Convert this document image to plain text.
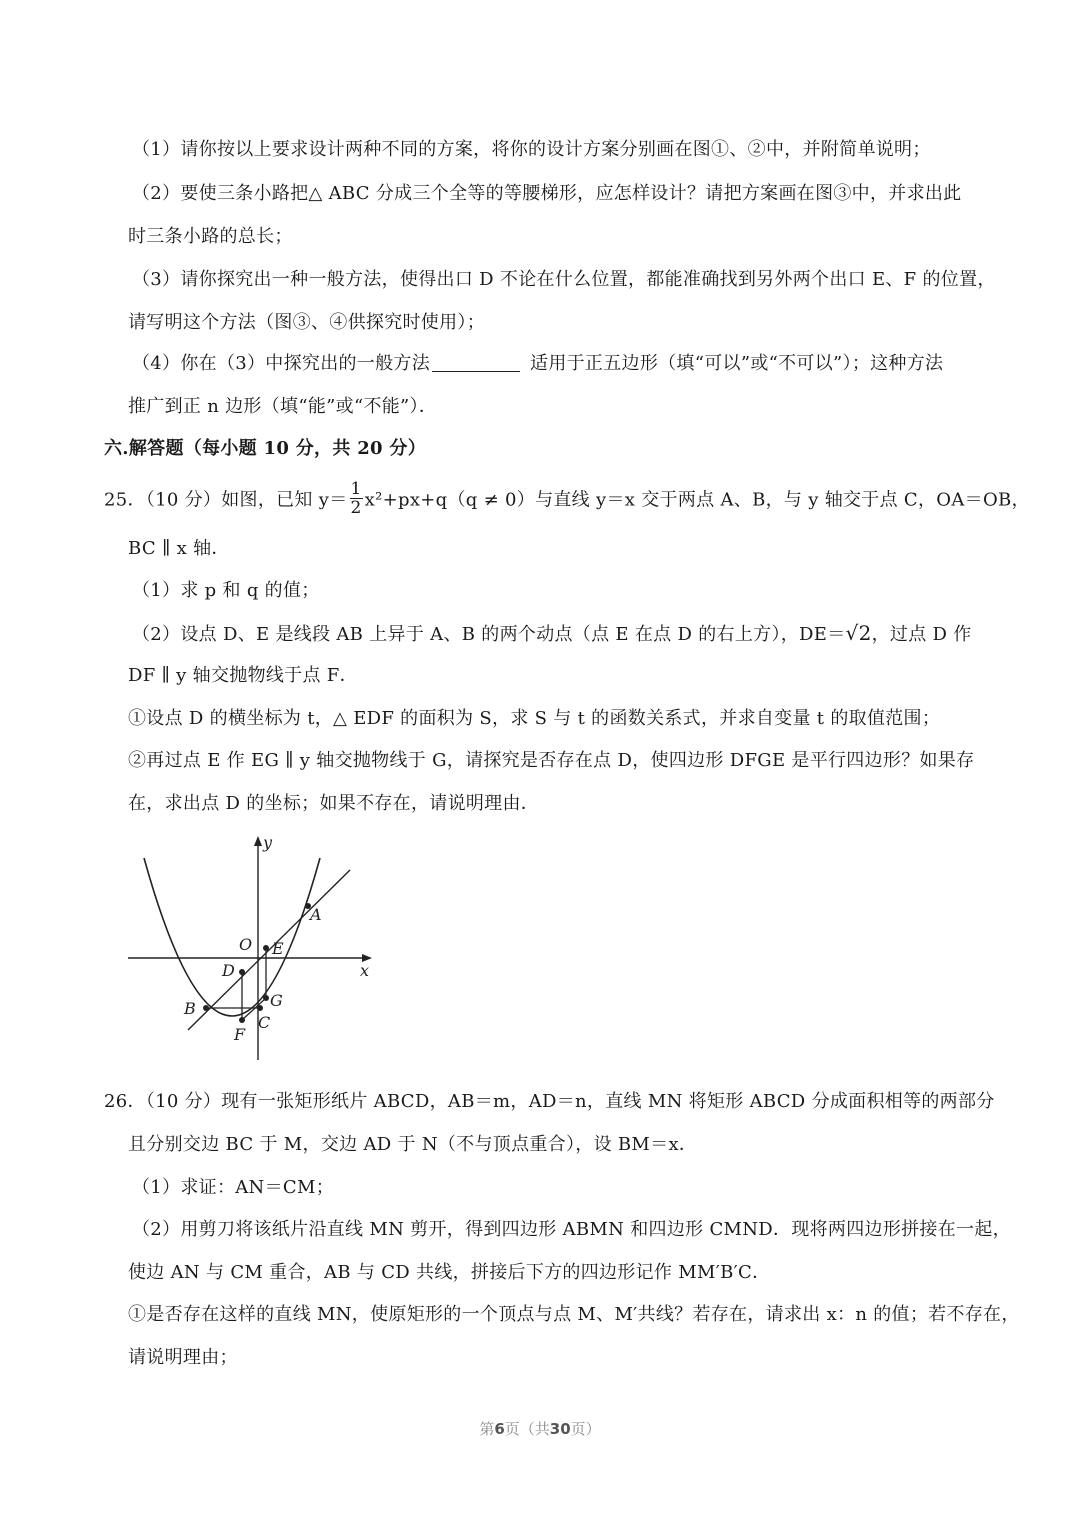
（1）请你按以上要求设计两种不同的方案，将你的设计方案分别画在图①、②中，并附简单说明；
（2）要使三条小路把△ ABC 分成三个全等的等腰梯形，应怎样设计？请把方案画在图③中，并求出此
时三条小路的总长；
（3）请你探究出一种一般方法，使得出口 D 不论在什么位置，都能准确找到另外两个出口 E、F 的位置，
请写明这个方法（图③、④供探究时使用）；
（4）你在（3）中探究出的一般方法	适用于正五边形（填“可以”或“不可以”）；这种方法
推广到正 n 边形（填“能”或“不能”）．
六.解答题（每小题 10 分，共 20 分）
25．（10 分）如图，已知 $y= \frac{1}{2} x^2+px+q(q \ne 0)$与直线 y＝x 交于两点 A、B，与 y 轴交于点 C，OA＝OB，
BC ∥ x 轴．
（1）求 p 和 q 的值；
（2）设点 D、E 是线段 AB 上异于 A、B 的两个动点（点 E 在点 D 的右上方），DE＝√2，过点 D 作
DF ∥ y 轴交抛物线于点 F．
①设点 D 的横坐标为 t，△ EDF 的面积为 S，求 S 与 t 的函数关系式，并求自变量 t 的取值范围；
②再过点 E 作 EG ∥ y 轴交抛物线于 G，请探究是否存在点 D，使四边形 DFGE 是平行四边形？如果存
在，求出点 D 的坐标；如果不存在，请说明理由．
y
x
O
A
B
C
D
E
F
G
26．（10 分）现有一张矩形纸片 ABCD，AB＝m，AD＝n，直线 MN 将矩形 ABCD 分成面积相等的两部分
且分别交边 BC 于 M，交边 AD 于 N（不与顶点重合），设 BM＝x．
（1）求证：AN＝CM；
（2）用剪刀将该纸片沿直线 MN 剪开，得到四边形 ABMN 和四边形 CMND．现将两四边形拼接在一起，
使边 AN 与 CM 重合，AB 与 CD 共线，拼接后下方的四边形记作 MM′B′C．
①是否存在这样的直线 MN，使原矩形的一个顶点与点 M、M′共线？若存在，请求出 x：n 的值；若不存在，
请说明理由；
第6页（共30页）
